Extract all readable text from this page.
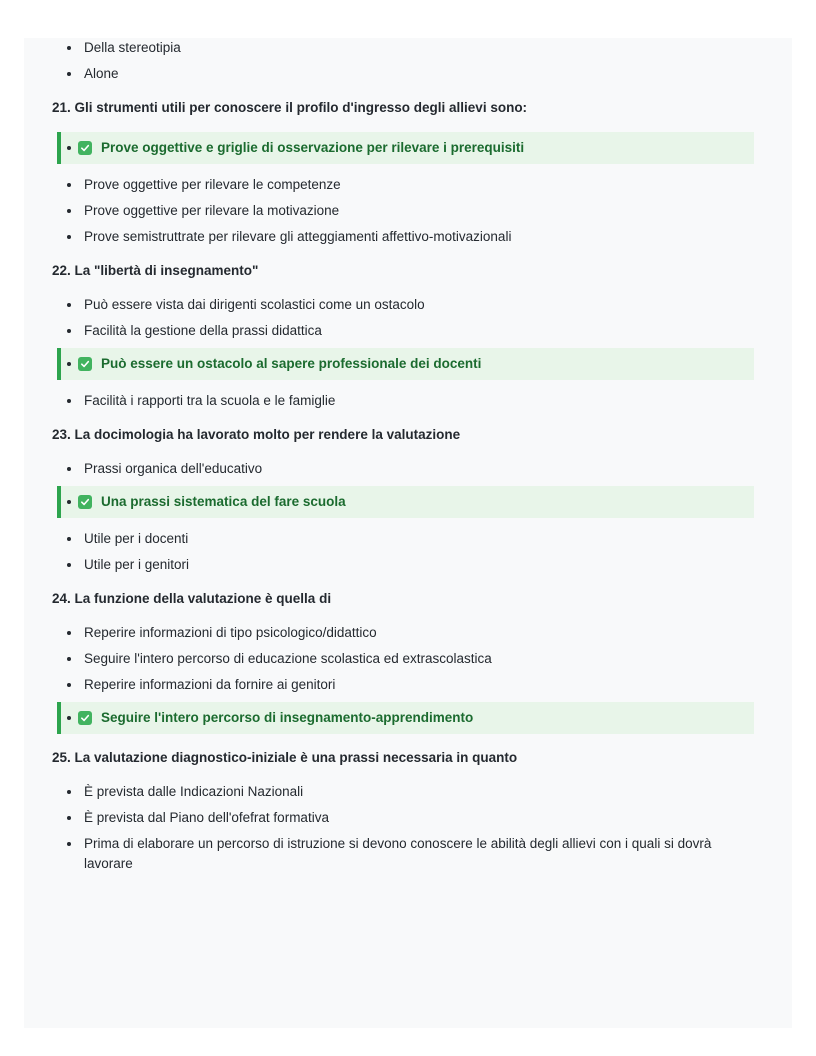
Della stereotipia
Alone
21. Gli strumenti utili per conoscere il profilo d'ingresso degli allievi sono:
Prove oggettive e griglie di osservazione per rilevare i prerequisiti
Prove oggettive per rilevare le competenze
Prove oggettive per rilevare la motivazione
Prove semistruttrate per rilevare gli atteggiamenti affettivo-motivazionali
22. La "libertà di insegnamento"
Può essere vista dai dirigenti scolastici come un ostacolo
Facilità la gestione della prassi didattica
Può essere un ostacolo al sapere professionale dei docenti
Facilità i rapporti tra la scuola e le famiglie
23. La docimologia ha lavorato molto per rendere la valutazione
Prassi organica dell'educativo
Una prassi sistematica del fare scuola
Utile per i docenti
Utile per i genitori
24. La funzione della valutazione è quella di
Reperire informazioni di tipo psicologico/didattico
Seguire l'intero percorso di educazione scolastica ed extrascolastica
Reperire informazioni da fornire ai genitori
Seguire l'intero percorso di insegnamento-apprendimento
25. La valutazione diagnostico-iniziale è una prassi necessaria in quanto
È prevista dalle Indicazioni Nazionali
È prevista dal Piano dell'ofefrat formativa
Prima di elaborare un percorso di istruzione si devono conoscere le abilità degli allievi con i quali si dovrà lavorare
